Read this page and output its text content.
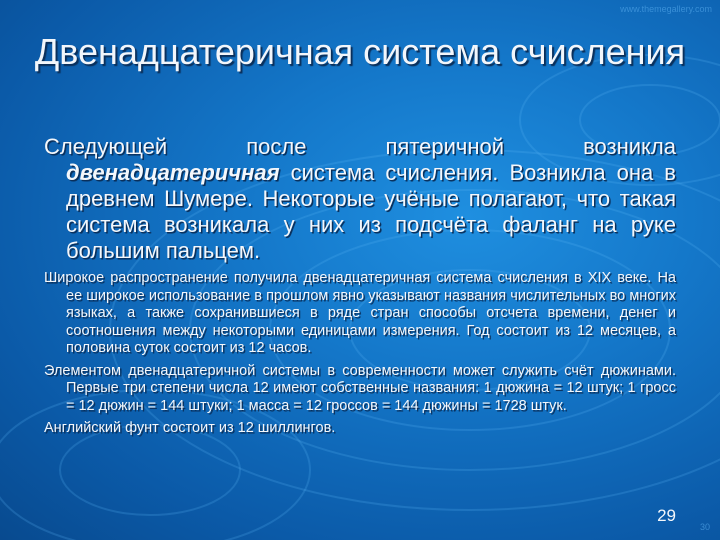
www.themegallery.com
Двенадцатеричная система счисления

Следующей после пятеричной возникла двенадцатеричная система счисления. Возникла она в древнем Шумере. Некоторые учёные полагают, что такая система возникала у них из подсчёта фаланг на руке большим пальцем.

Широкое распространение получила двенадцатеричная система счисления в XIX веке. На ее широкое использование в прошлом явно указывают названия числительных во многих языках, а также сохранившиеся в ряде стран способы отсчета времени, денег и соотношения между некоторыми единицами измерения. Год состоит из 12 месяцев, а половина суток состоит из 12 часов.

Элементом двенадцатеричной системы в современности может служить счёт дюжинами. Первые три степени числа 12 имеют собственные названия: 1 дюжина = 12 штук; 1 гросс = 12 дюжин = 144 штуки; 1 масса = 12 гроссов = 144 дюжины = 1728 штук.

Английский фунт состоит из 12 шиллингов.

29
30
